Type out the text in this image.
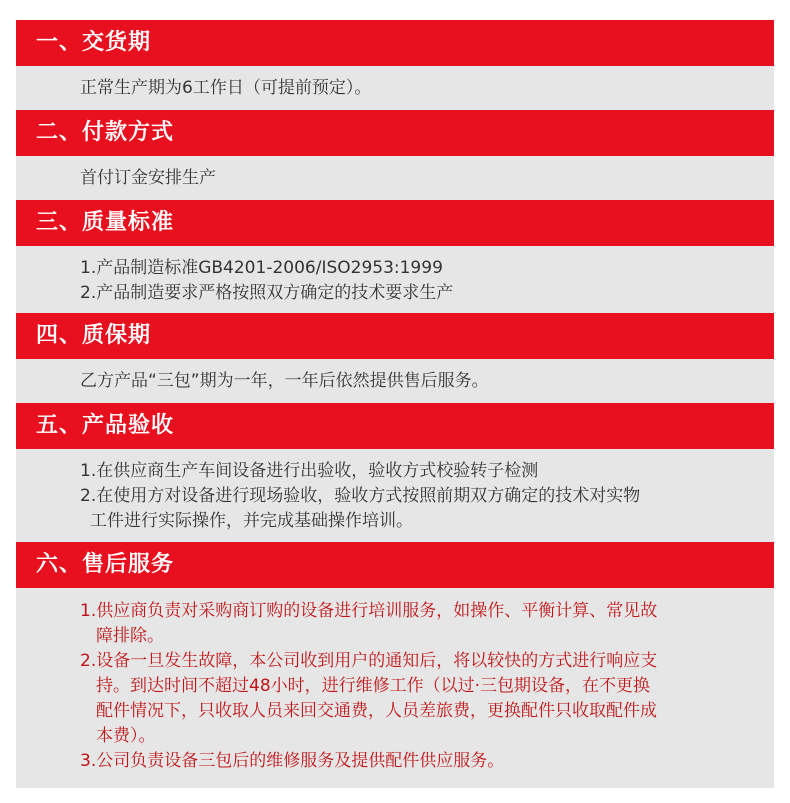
一、交货期
正常生产期为6工作日（可提前预定）。
二、付款方式
首付订金安排生产
三、质量标准
1.产品制造标准GB4201-2006/ISO2953:1999
2.产品制造要求严格按照双方确定的技术要求生产
四、质保期
乙方产品“三包”期为一年，一年后依然提供售后服务。
五、产品验收
1.在供应商生产车间设备进行出验收，验收方式校验转子检测
2.在使用方对设备进行现场验收，验收方式按照前期双方确定的技术对实物
工件进行实际操作，并完成基础操作培训。
六、售后服务
1.供应商负责对采购商订购的设备进行培训服务，如操作、平衡计算、常见故
障排除。
2.设备一旦发生故障，本公司收到用户的通知后，将以较快的方式进行响应支
持。到达时间不超过48小时，进行维修工作（以过·三包期设备，在不更换
配件情况下，只收取人员来回交通费，人员差旅费，更换配件只收取配件成
本费）。
3.公司负责设备三包后的维修服务及提供配件供应服务。
